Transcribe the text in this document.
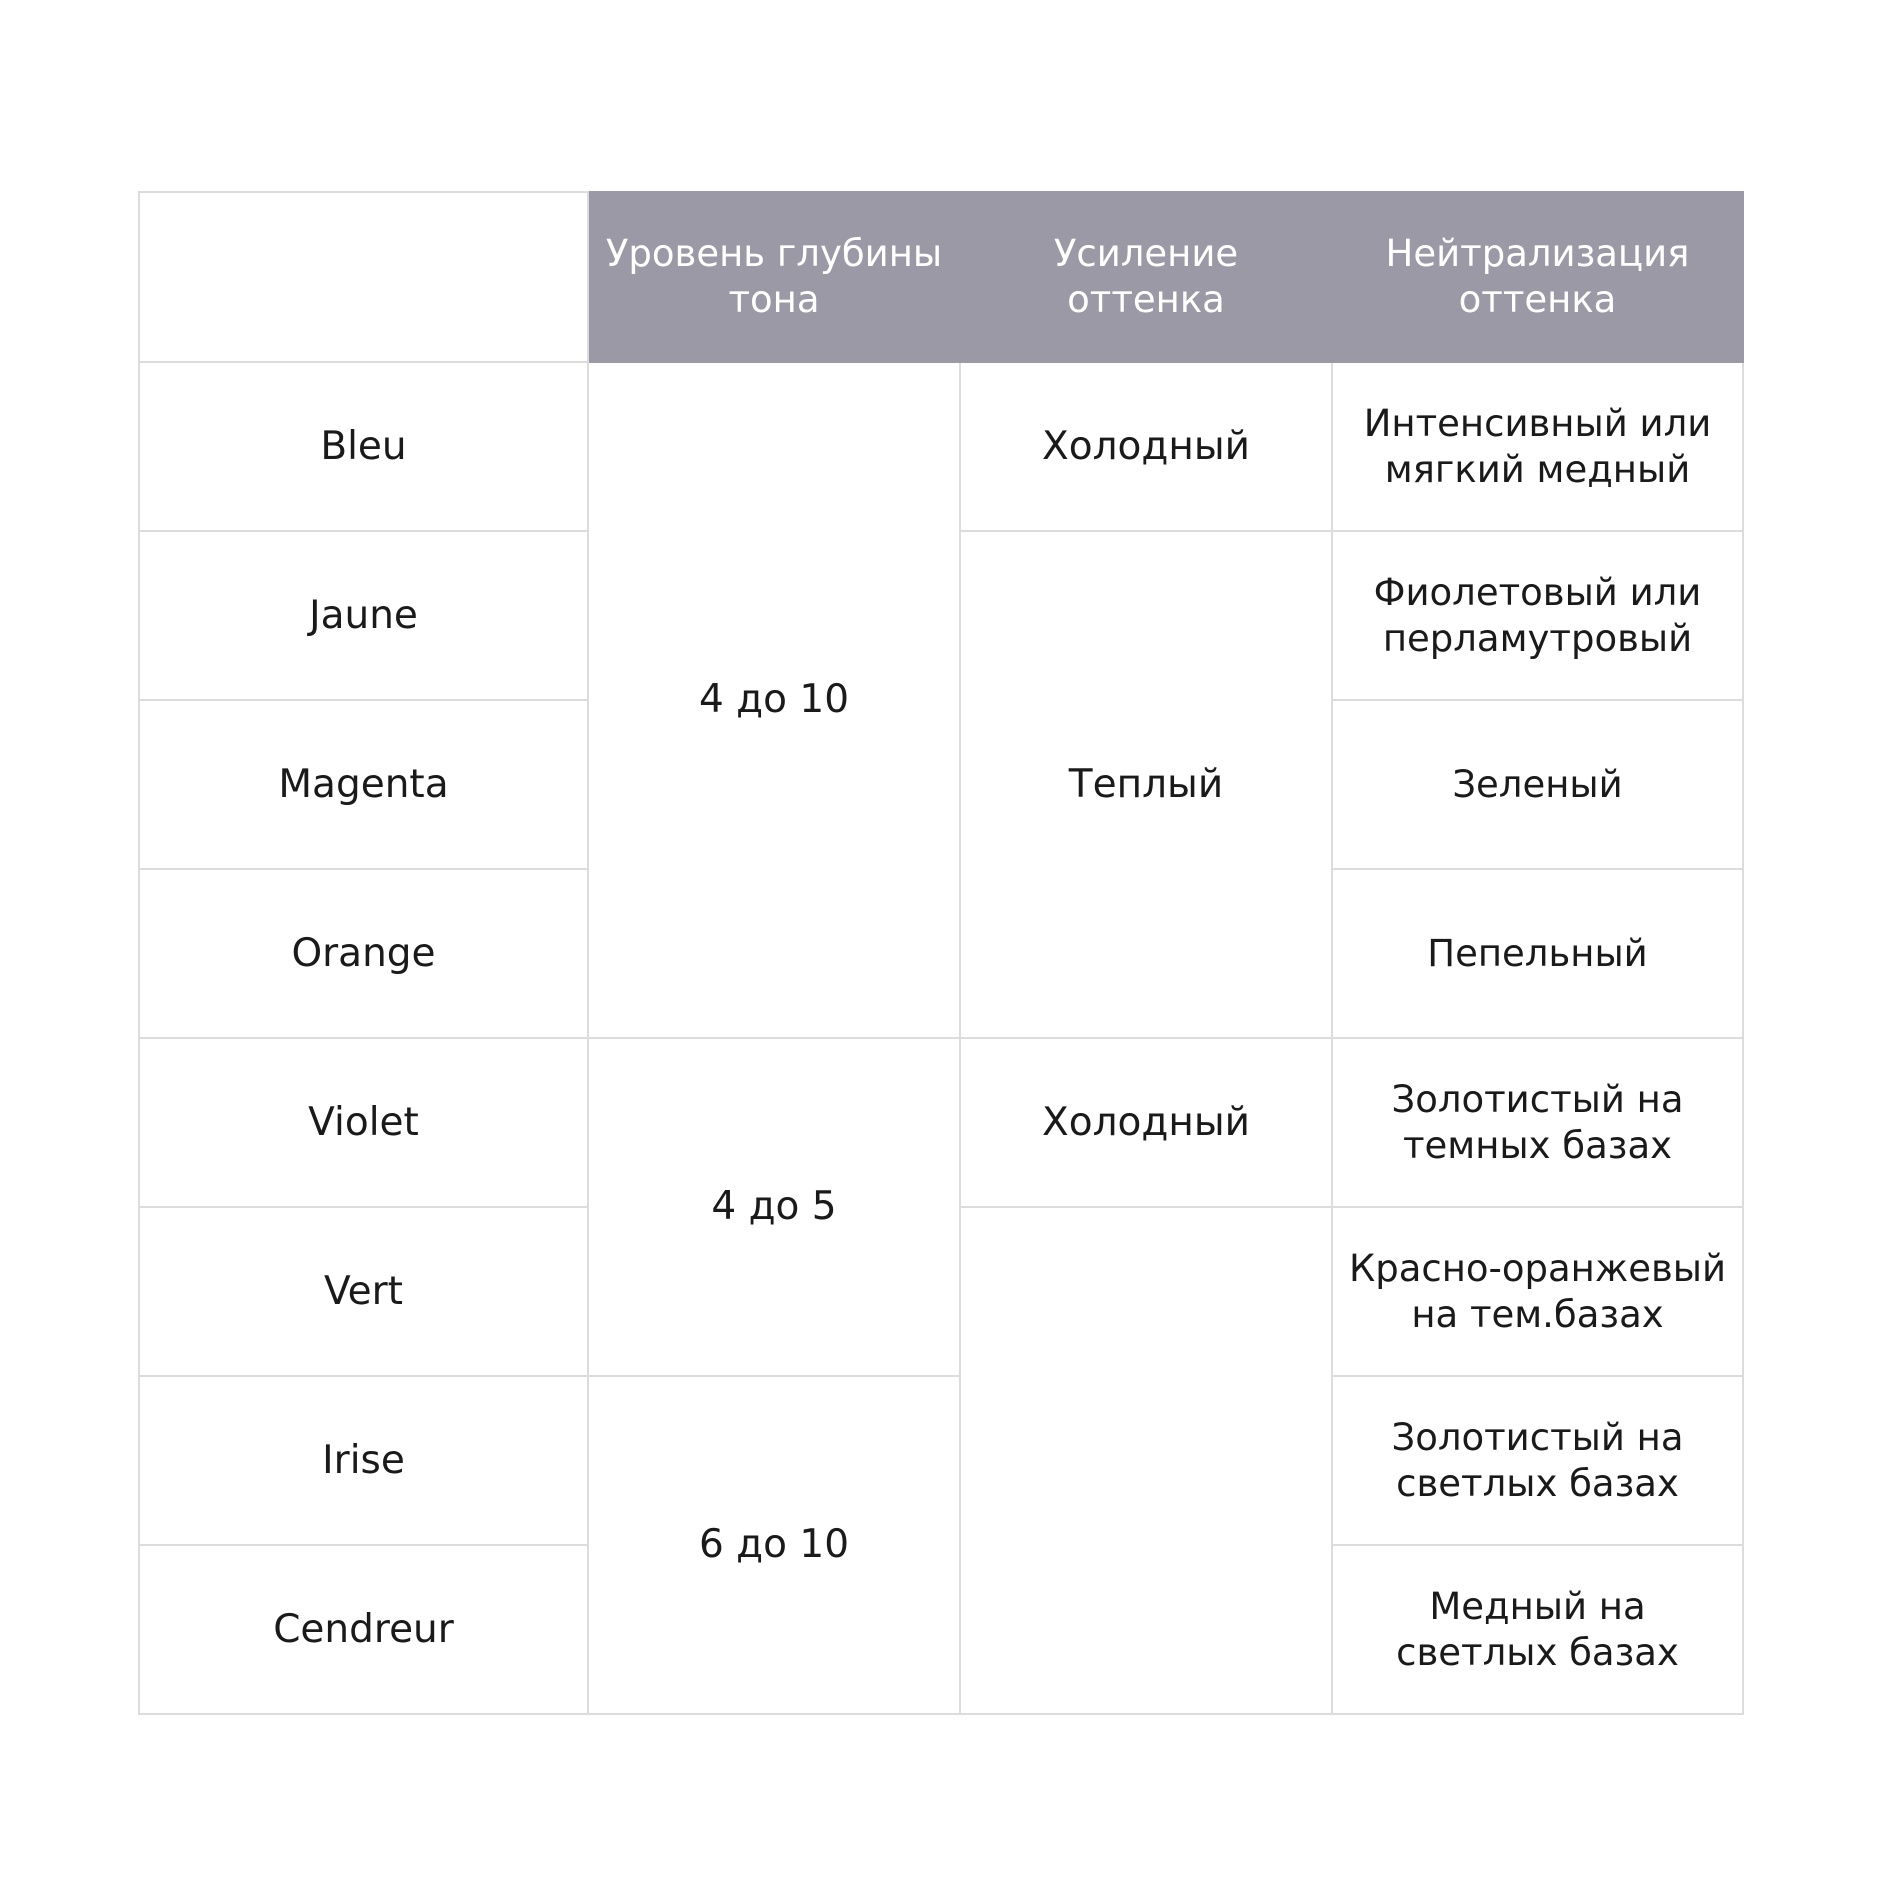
	Уровень глубины тона	Усиление оттенка	Нейтрализация оттенка
Bleu	4 до 10	Холодный	Интенсивный или мягкий медный
Jaune		Теплый	Фиолетовый или перламутровый
Magenta			Зеленый
Orange			Пепельный
Violet	4 до 5	Холодный	Золотистый на темных базах
Vert			Красно-оранжевый на тем.базах
Irise	6 до 10		Золотистый на светлых базах
Cendreur			Медный на светлых базах
